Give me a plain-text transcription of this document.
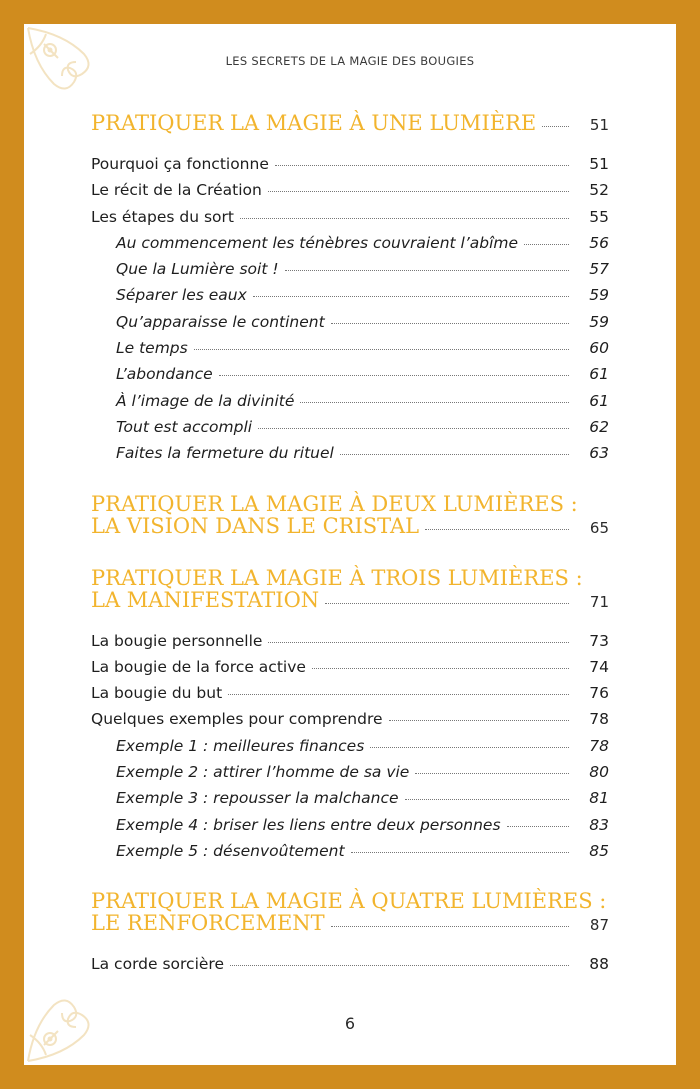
LES SECRETS DE LA MAGIE DES BOUGIES
PRATIQUER LA MAGIE À UNE LUMIÈRE	51
Pourquoi ça fonctionne	51
Le récit de la Création	52
Les étapes du sort	55
Au commencement les ténèbres couvraient l’abîme	56
Que la Lumière soit !	57
Séparer les eaux	59
Qu’apparaisse le continent	59
Le temps	60
L’abondance	61
À l’image de la divinité	61
Tout est accompli	62
Faites la fermeture du rituel	63
PRATIQUER LA MAGIE À DEUX LUMIÈRES :
LA VISION DANS LE CRISTAL	65
PRATIQUER LA MAGIE À TROIS LUMIÈRES :
LA MANIFESTATION	71
La bougie personnelle	73
La bougie de la force active	74
La bougie du but	76
Quelques exemples pour comprendre	78
Exemple 1 : meilleures finances	78
Exemple 2 : attirer l’homme de sa vie	80
Exemple 3 : repousser la malchance	81
Exemple 4 : briser les liens entre deux personnes	83
Exemple 5 : désenvoûtement	85
PRATIQUER LA MAGIE À QUATRE LUMIÈRES :
LE RENFORCEMENT	87
La corde sorcière	88
6
